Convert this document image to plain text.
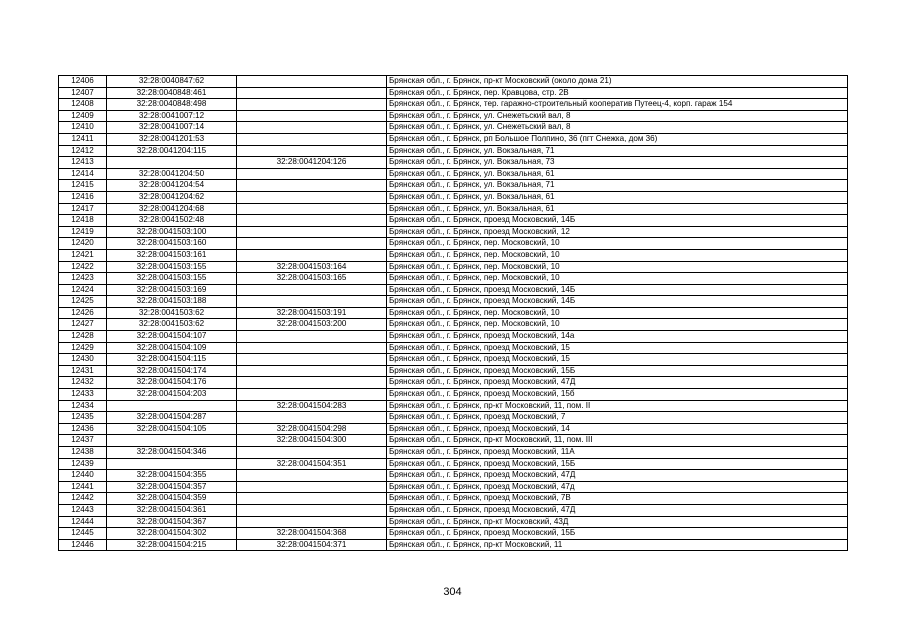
12406	32:28:0040847:62		Брянская обл., г. Брянск, пр-кт Московский (около дома 21)
12407	32:28:0040848:461		Брянская обл., г. Брянск, пер. Кравцова, стр. 2В
12408	32:28:0040848:498		Брянская обл., г. Брянск, тер. гаражно-строительный кооператив Путеец-4, корп. гараж 154
12409	32:28:0041007:12		Брянская обл., г. Брянск, ул. Снежетьский вал, 8
12410	32:28:0041007:14		Брянская обл., г. Брянск, ул. Снежетьский вал, 8
12411	32:28:0041201:53		Брянская обл., г. Брянск, рп Большое Полпино, 36 (пгт Снежка, дом 36)
12412	32:28:0041204:115		Брянская обл., г. Брянск, ул. Вокзальная, 71
12413		32:28:0041204:126	Брянская обл., г. Брянск, ул. Вокзальная, 73
12414	32:28:0041204:50		Брянская обл., г. Брянск, ул. Вокзальная, 61
12415	32:28:0041204:54		Брянская обл., г. Брянск, ул. Вокзальная, 71
12416	32:28:0041204:62		Брянская обл., г. Брянск, ул. Вокзальная, 61
12417	32:28:0041204:68		Брянская обл., г. Брянск, ул. Вокзальная, 61
12418	32:28:0041502:48		Брянская обл., г. Брянск, проезд Московский, 14Б
12419	32:28:0041503:100		Брянская обл., г. Брянск, проезд Московский, 12
12420	32:28:0041503:160		Брянская обл., г. Брянск, пер. Московский, 10
12421	32:28:0041503:161		Брянская обл., г. Брянск, пер. Московский, 10
12422	32:28:0041503:155	32:28:0041503:164	Брянская обл., г. Брянск, пер. Московский, 10
12423	32:28:0041503:155	32:28:0041503:165	Брянская обл., г. Брянск, пер. Московский, 10
12424	32:28:0041503:169		Брянская обл., г. Брянск, проезд Московский, 14Б
12425	32:28:0041503:188		Брянская обл., г. Брянск, проезд Московский, 14Б
12426	32:28:0041503:62	32:28:0041503:191	Брянская обл., г. Брянск, пер. Московский, 10
12427	32:28:0041503:62	32:28:0041503:200	Брянская обл., г. Брянск, пер. Московский, 10
12428	32:28:0041504:107		Брянская обл., г. Брянск, проезд Московский, 14а
12429	32:28:0041504:109		Брянская обл., г. Брянск, проезд Московский, 15
12430	32:28:0041504:115		Брянская обл., г. Брянск, проезд Московский, 15
12431	32:28:0041504:174		Брянская обл., г. Брянск, проезд Московский, 15Б
12432	32:28:0041504:176		Брянская обл., г. Брянск, проезд Московский, 47Д
12433	32:28:0041504:203		Брянская обл., г. Брянск, проезд Московский, 15б
12434		32:28:0041504:283	Брянская обл., г. Брянск, пр-кт Московский, 11, пом. II
12435	32:28:0041504:287		Брянская обл., г. Брянск, проезд Московский, 7
12436	32:28:0041504:105	32:28:0041504:298	Брянская обл., г. Брянск, проезд Московский, 14
12437		32:28:0041504:300	Брянская обл., г. Брянск, пр-кт Московский, 11, пом. III
12438	32:28:0041504:346		Брянская обл., г. Брянск, проезд Московский, 11А
12439		32:28:0041504:351	Брянская обл., г. Брянск, проезд Московский, 15Б
12440	32:28:0041504:355		Брянская обл., г. Брянск, проезд Московский, 47Д
12441	32:28:0041504:357		Брянская обл., г. Брянск, проезд Московский, 47д
12442	32:28:0041504:359		Брянская обл., г. Брянск, проезд Московский, 7В
12443	32:28:0041504:361		Брянская обл., г. Брянск, проезд Московский, 47Д
12444	32:28:0041504:367		Брянская обл., г. Брянск, пр-кт Московский, 43Д
12445	32:28:0041504:302	32:28:0041504:368	Брянская обл., г. Брянск, проезд Московский, 15Б
12446	32:28:0041504:215	32:28:0041504:371	Брянская обл., г. Брянск, пр-кт Московский, 11
304
